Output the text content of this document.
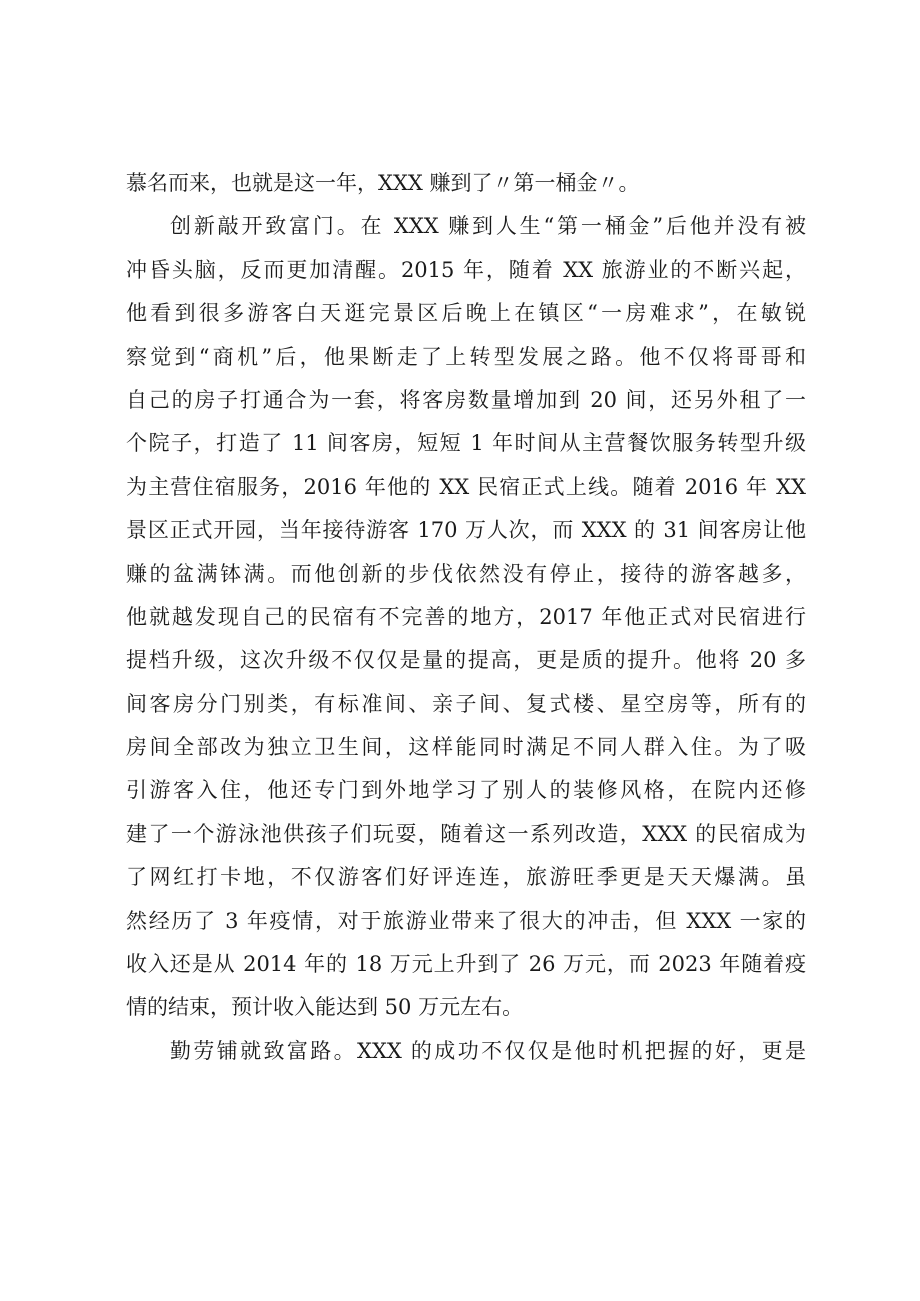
慕名而来，也就是这一年，XXX 赚到了〃第一桶金〃。
创新敲开致富门。在 XXX 赚到人生“第一桶金”后他并没有被
冲昏头脑，反而更加清醒。2015 年，随着 XX 旅游业的不断兴起，
他看到很多游客白天逛完景区后晚上在镇区“一房难求”，在敏锐
察觉到“商机”后，他果断走了上转型发展之路。他不仅将哥哥和
自己的房子打通合为一套，将客房数量增加到 20 间，还另外租了一
个院子，打造了 11 间客房，短短 1 年时间从主营餐饮服务转型升级
为主营住宿服务，2016 年他的 XX 民宿正式上线。随着 2016 年 XX
景区正式开园，当年接待游客 170 万人次，而 XXX 的 31 间客房让他
赚的盆满钵满。而他创新的步伐依然没有停止，接待的游客越多，
他就越发现自己的民宿有不完善的地方，2017 年他正式对民宿进行
提档升级，这次升级不仅仅是量的提高，更是质的提升。他将 20 多
间客房分门别类，有标准间、亲子间、复式楼、星空房等，所有的
房间全部改为独立卫生间，这样能同时满足不同人群入住。为了吸
引游客入住，他还专门到外地学习了别人的装修风格，在院内还修
建了一个游泳池供孩子们玩耍，随着这一系列改造，XXX 的民宿成为
了网红打卡地，不仅游客们好评连连，旅游旺季更是天天爆满。虽
然经历了 3 年疫情，对于旅游业带来了很大的冲击，但 XXX 一家的
收入还是从 2014 年的 18 万元上升到了 26 万元，而 2023 年随着疫
情的结束，预计收入能达到 50 万元左右。
勤劳铺就致富路。XXX 的成功不仅仅是他时机把握的好，更是
